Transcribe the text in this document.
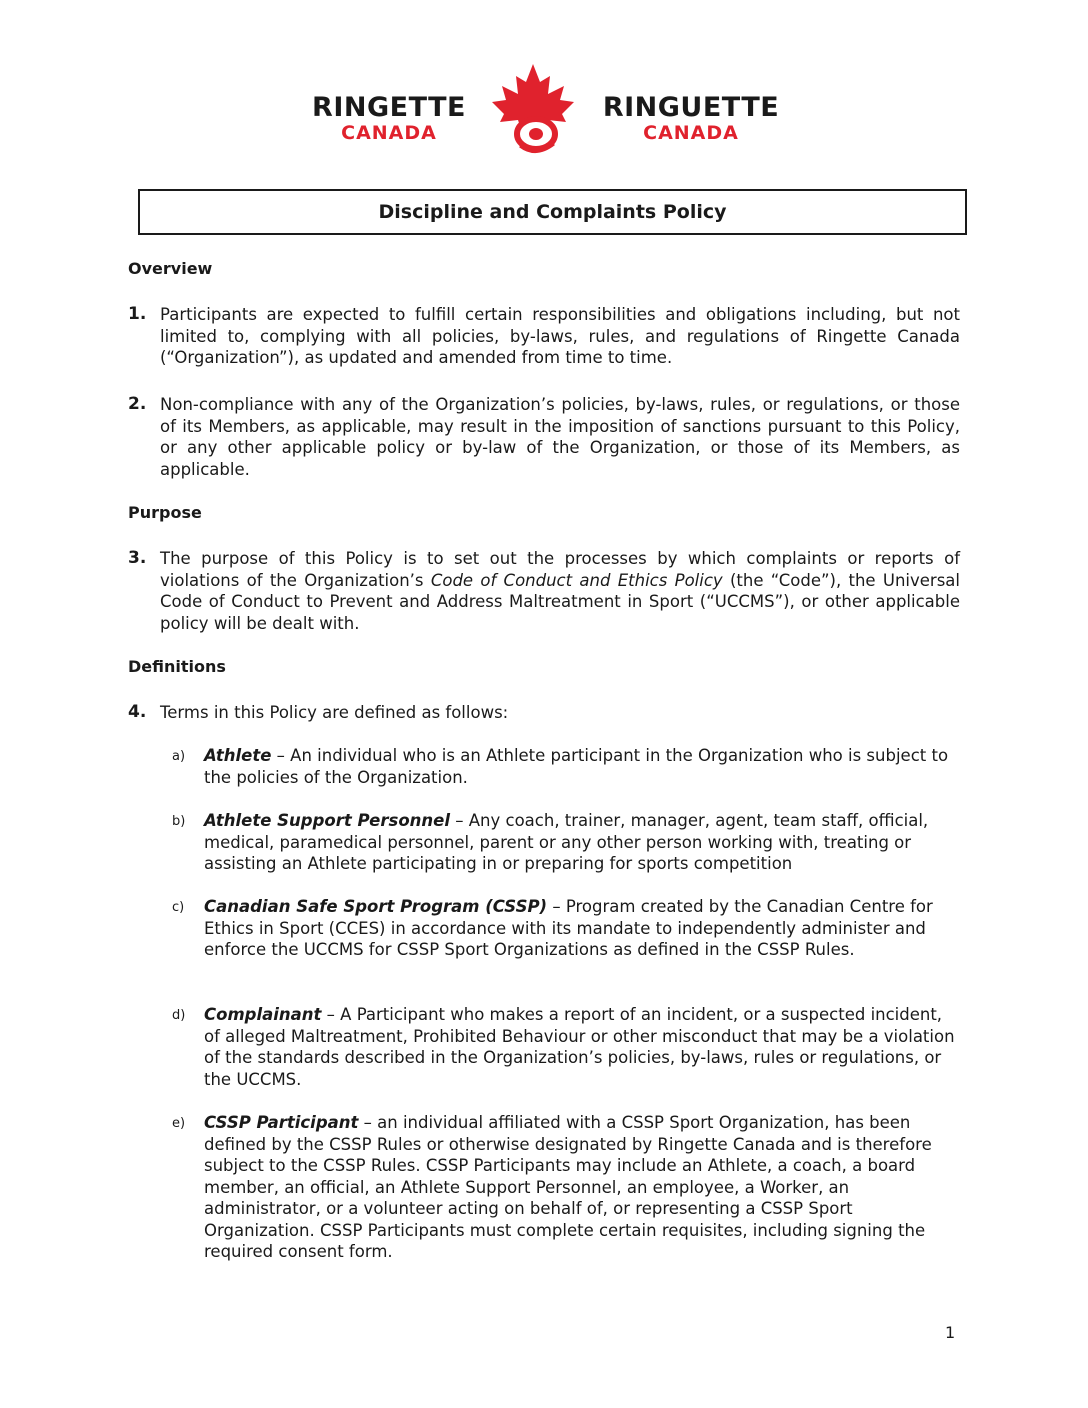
RINGETTE
CANADA
RINGUETTE
CANADA
Discipline and Complaints Policy
Overview
1. Participants are expected to fulfill certain responsibilities and obligations including, but not limited to, complying with all policies, by-laws, rules, and regulations of Ringette Canada (“Organization”), as updated and amended from time to time.
2. Non-compliance with any of the Organization’s policies, by-laws, rules, or regulations, or those of its Members, as applicable, may result in the imposition of sanctions pursuant to this Policy, or any other applicable policy or by-law of the Organization, or those of its Members, as applicable.
Purpose
3. The purpose of this Policy is to set out the processes by which complaints or reports of violations of the Organization’s Code of Conduct and Ethics Policy (the “Code”), the Universal Code of Conduct to Prevent and Address Maltreatment in Sport (“UCCMS”), or other applicable policy will be dealt with.
Definitions
4. Terms in this Policy are defined as follows:
a) Athlete – An individual who is an Athlete participant in the Organization who is subject to the policies of the Organization.
b) Athlete Support Personnel – Any coach, trainer, manager, agent, team staff, official, medical, paramedical personnel, parent or any other person working with, treating or assisting an Athlete participating in or preparing for sports competition
c) Canadian Safe Sport Program (CSSP) – Program created by the Canadian Centre for Ethics in Sport (CCES) in accordance with its mandate to independently administer and enforce the UCCMS for CSSP Sport Organizations as defined in the CSSP Rules.
d) Complainant – A Participant who makes a report of an incident, or a suspected incident, of alleged Maltreatment, Prohibited Behaviour or other misconduct that may be a violation of the standards described in the Organization’s policies, by-laws, rules or regulations, or the UCCMS.
e) CSSP Participant – an individual affiliated with a CSSP Sport Organization, has been defined by the CSSP Rules or otherwise designated by Ringette Canada and is therefore subject to the CSSP Rules. CSSP Participants may include an Athlete, a coach, a board member, an official, an Athlete Support Personnel, an employee, a Worker, an administrator, or a volunteer acting on behalf of, or representing a CSSP Sport Organization. CSSP Participants must complete certain requisites, including signing the required consent form.
1
